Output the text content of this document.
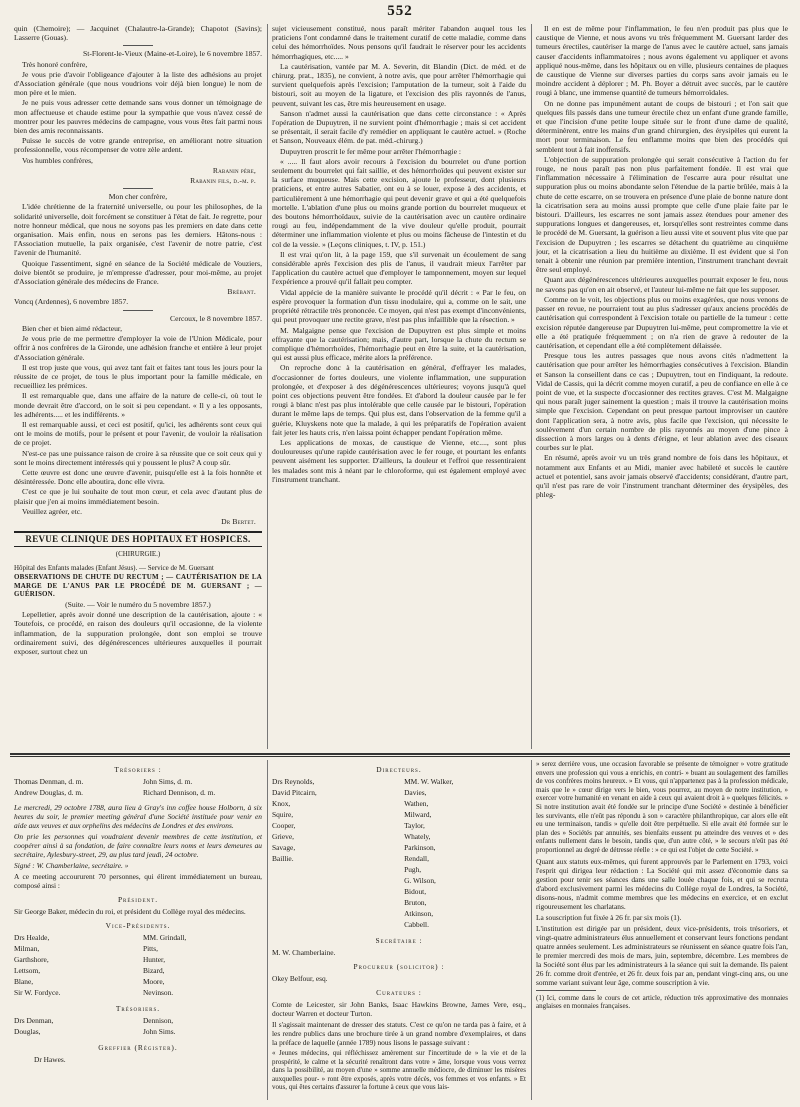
552

quin (Chemoire); — Jacquinet (Chalautre-la-Grande); Chapotot (Savins); Lasserre (Gouas).

St-Florent-le-Vieux (Maine-et-Loire), le 6 novembre 1857.

Très honoré confrère,

Je vous prie d'avoir l'obligeance d'ajouter à la liste des adhésions au projet d'Association générale (que nous voudrions voir déjà bien longue) le nom de mon père et le mien.

Je ne puis vous adresser cette demande sans vous donner un témoignage de mon affectueuse et chaude estime pour la sympathie que vous n'avez cessé de montrer pour les pauvres médecins de campagne, vous vous êtes fait parmi nous bien des amis reconnaissants.

Puisse le succès de votre grande entreprise, en améliorant notre situation professionnelle, vous récompenser de votre zèle ardent.

Vos humbles confrères,

Rabanin père,

Rabanin fils, d.-m. p.

Mon cher confrère,

L'idée chrétienne de la fraternité universelle, ou pour les philosophes, de la solidarité universelle, doit forcément se constituer à l'état de fait. Je regrette, pour notre honneur médical, que nous ne soyons pas les premiers en date dans cette organisation. Mais enfin, nous en serons pas les derniers. Hâtons-nous : l'Association mutuelle, la paix organisée, c'est l'avenir de notre patrie, c'est l'avenir de l'humanité.

Quoique l'assentiment, signé en séance de la Société médicale de Vouziers, doive bientôt se produire, je m'empresse d'adresser, pour moi-même, au projet d'Association générale des médecins de France.

Brébant.

Voncq (Ardennes), 6 novembre 1857.

Cercoux, le 8 novembre 1857.

Bien cher et bien aimé rédacteur,

Je vous prie de me permettre d'employer la voie de l'Union Médicale, pour offrir à nos confrères de la Gironde, une adhésion franche et entière à leur projet d'Association générale.

Il est trop juste que vous, qui avez tant fait et faites tant tous les jours pour la réussite de ce projet, de tous le plus important pour la famille médicale, en recueilliez les prémices.

Il est remarquable que, dans une affaire de la nature de celle-ci, où tout le monde devrait être d'accord, on le soit si peu cependant. « Il y a les opposants, les adhérents..... et les indifférents. »

Il est remarquable aussi, et ceci est positif, qu'ici, les adhérents sont ceux qui ont le moins de motifs, pour le présent et pour l'avenir, de vouloir la réalisation de ce projet.

N'est-ce pas une puissance raison de croire à sa réussite que ce soit ceux qui y sont le moins directement intéressés qui y poussent le plus? A coup sûr.

Cette œuvre est donc une œuvre d'avenir, puisqu'elle est à la fois honnête et désintéressée. Donc elle aboutira, donc elle vivra.

C'est ce que je lui souhaite de tout mon cœur, et cela avec d'autant plus de plaisir que j'en ai moins immédiatement besoin.

Veuillez agréer, etc.

Dr Bertet.

REVUE CLINIQUE DES HOPITAUX ET HOSPICES.
(CHIRURGIE.)

Hôpital des Enfants malades (Enfant Jésus). — Service de M. Guersant

OBSERVATIONS DE CHUTE DU RECTUM ; — CAUTÉRISATION DE LA MARGE DE L'ANUS PAR LE PROCÉDÉ DE M. GUERSANT ; — GUÉRISON.

(Suite. — Voir le numéro du 5 novembre 1857.)

Lepelletier, après avoir donné une description de la cautérisation, ajoute : « Toutefois, ce procédé, en raison des douleurs qu'il occasionne, de la violente inflammation, de la suppuration prolongée, dont son emploi se trouve ordinairement suivi, des dégénérescences ultérieures auxquelles il pourrait exposer, surtout chez un

sujet vicieusement constitué, nous paraît mériter l'abandon auquel tous les praticiens l'ont condamné dans le traitement curatif de cette maladie, comme dans celui des hémorrhoïdes. Nous pensons qu'il faudrait le réserver pour les accidents hémorrhagiques, etc..... »

La cautérisation, vantée par M. A. Severin, dit Blandin (Dict. de méd. et de chirurg. prat., 1835), ne convient, à notre avis, que pour arrêter l'hémorrhagie qui survient quelquefois après l'excision; l'amputation de la tumeur, soit à l'aide du bistouri, soit au moyen de la ligature, et l'excision des plis rayonnés de l'anus, peuvent, suivant les cas, être mis heureusement en usage.

Sanson n'admet aussi la cautérisation que dans cette circonstance : « Après l'opération de Dupuytren, il ne survient point d'hémorrhagie ; mais si cet accident se présentait, il serait facile d'y remédier en appliquant le cautère actuel. » (Roche et Sanson, Nouveaux élém. de pat. méd.-chirurg.)

Dupuytren proscrit le fer même pour arrêter l'hémorrhagie :

« ..... Il faut alors avoir recours à l'excision du bourrelet ou d'une portion seulement du bourrelet qui fait saillie, et des hémorrhoïdes qui peuvent exister sur la surface muqueuse. Mais cette excision, ajoute le professeur, dont plusieurs praticiens, et entre autres Sabatier, ont eu à se louer, expose à des accidents, et particulièrement à une hémorrhagie qui peut devenir grave et qui a été quelquefois mortelle. L'ablation d'une plus ou moins grande portion du bourrelet muqueux et des boutons hémorrhoïdaux, suivie de la cautérisation avec un cautère ordinaire rougi au feu, indépendamment de la vive douleur qu'elle produit, pourrait déterminer une inflammation violente et plus ou moins fâcheuse de l'intestin et du col de la vessie. » (Leçons cliniques, t. IV, p. 151.)

Il est vrai qu'on lit, à la page 159, que s'il survenait un écoulement de sang considérable après l'excision des plis de l'anus, il vaudrait mieux l'arrêter par l'application du cautère actuel que d'employer le tamponnement, moyen sur lequel l'expérience a prouvé qu'il fallait peu compter.

Vidal appécie de la manière suivante le procédé qu'il décrit : « Par le feu, on espère provoquer la formation d'un tissu inodulaire, qui a, comme on le sait, une propriété rétractile très prononcée. Ce moyen, qui n'est pas exempt d'inconvénients, qui peut provoquer une rectite grave, n'est pas plus infaillible que la résection. »

M. Malgaigne pense que l'excision de Dupuytren est plus simple et moins effrayante que la cautérisation; mais, d'autre part, lorsque la chute du rectum se complique d'hémorrhoïdes, l'hémorrhagie peut en être la suite, et la cautérisation, qui est aussi plus efficace, mérite alors la préférence.

On reproche donc à la cautérisation en général, d'effrayer les malades, d'occasionner de fortes douleurs, une violente inflammation, une suppuration prolongée, et d'exposer à des dégénérescences ultérieures; voyons jusqu'à quel point ces objections peuvent être fondées. Et d'abord la douleur causée par le fer rougi à blanc n'est pas plus intolérable que celle causée par le bistouri, l'opération durant le même laps de temps. Qui plus est, dans l'observation de la femme qu'il a guérie, Kluyskens note que la malade, à qui les préparatifs de l'opération avaient fait jeter les hauts cris, n'en laissa point échapper pendant l'opération même.

Les applications de moxas, de caustique de Vienne, etc...., sont plus douloureuses qu'une rapide cautérisation avec le fer rouge, et pourtant les enfants peuvent aisément les supporter. D'ailleurs, la douleur et l'effroi que ressentiraient les malades sont mis à néant par le chloroforme, qui est également employé avec l'instrument tranchant.

Il en est de même pour l'inflammation, le feu n'en produit pas plus que le caustique de Vienne, et nous avons vu très fréquemment M. Guersant larder des tumeurs érectiles, cautériser la marge de l'anus avec le cautère actuel, sans jamais causer d'accidents inflammatoires ; nous avons également vu appliquer et avons appliqué nous-même, dans les hôpitaux ou en ville, plusieurs centaines de plaques de caustique de Vienne sur diverses parties du corps sans avoir jamais eu le moindre accident à déplorer ; M. Ph. Boyer a détruit avec succès, par le cautère rougi à blanc, une immense quantité de tumeurs hémorroïdales.

On ne donne pas impunément autant de coups de bistouri ; et l'on sait que quelques fils passés dans une tumeur érectile chez un enfant d'une grande famille, et que l'incision d'une petite loupe située sur le front d'une dame de qualité, déterminèrent, entre les mains d'un grand chirurgien, des érysipèles qui eurent la mort pour terminaison. Le feu enflamme moins que bien des procédés qui semblent tout à fait inoffensifs.

L'objection de suppuration prolongée qui serait consécutive à l'action du fer rouge, ne nous paraît pas non plus parfaitement fondée. Il est vrai que l'inflammation nécessaire à l'élimination de l'escarre aura pour résultat une suppuration plus ou moins abondante selon l'étendue de la partie brûlée, mais à la chute de cette escarre, on se trouvera en présence d'une plaie de bonne nature dont la cicatrisation sera au moins aussi prompte que celle d'une plaie faite par le bistouri. D'ailleurs, les escarres ne sont jamais assez étendues pour amener des suppurations longues et dangereuses, et, lorsqu'elles sont restreintes comme dans le procédé de M. Guersant, la guérison a lieu aussi vite et souvent plus vite que par l'excision de Dupuytren ; les escarres se détachent du quatrième au cinquième jour, et la cicatrisation a lieu du huitième au dixième. Il est évident que si l'on tenait à obtenir une réunion par première intention, l'instrument tranchant devrait être seul employé.

Quant aux dégénérescences ultérieures auxquelles pourrait exposer le feu, nous ne savons pas qu'on en ait observé, et l'auteur lui-même ne fait que les supposer.

Comme on le voit, les objections plus ou moins exagérées, que nous venons de passer en revue, ne pourraient tout au plus s'adresser qu'aux anciens procédés de cautérisation qui correspondent à l'excision totale ou partielle de la tumeur : cette excision réputée dangereuse par Dupuytren lui-même, peut compromettre la vie et elle a été pratiquée fréquemment ; on n'a rien de grave à redouter de la cautérisation, et cependant elle a été complètement délaissée.

Presque tous les autres passages que nous avons cités n'admettent la cautérisation que pour arrêter les hémorrhagies consécutives à l'excision. Blandin et Sanson la conseillent dans ce cas ; Dupuytren, tout en l'indiquant, la redoute. Vidal de Cassis, qui la décrit comme moyen curatif, a peu de confiance en elle à ce point de vue, et la suspecte d'occasionner des rectites graves. C'est M. Malgaigne qui nous paraît juger sainement la question ; mais il trouve la cautérisation moins simple que l'excision. Cependant on peut presque partout improviser un cautère dont l'application sera, à notre avis, plus facile que l'excision, qui nécessite le soulèvement d'un certain nombre de plis rayonnés au moyen d'une pince à dissection à mors larges ou à dents d'érigne, et leur ablation avec des ciseaux courbes sur le plat.

En résumé, après avoir vu un très grand nombre de fois dans les hôpitaux, et notamment aux Enfants et au Midi, manier avec habileté et succès le cautère actuel et potentiel, sans avoir jamais observé d'accidents; considérant, d'autre part, qu'il n'est pas rare de voir l'instrument tranchant déterminer des érysipèles, des phleg-

Trésoriers :

Thomas Denman, d. m.

Andrew Douglas, d. m.

John Sims, d. m.

Richard Dennison, d. m.

Le mercredi, 29 octobre 1788, aura lieu à Gray's inn coffee house Holborn, à six heures du soir, le premier meeting général d'une Société instituée pour venir en aide aux veuves et aux orphelins des médecins de Londres et des environs.

On prie les personnes qui voudraient devenir membres de cette institution, et coopérer ainsi à sa fondation, de faire connaître leurs noms et leurs demeures au secrétaire, Aylesbury-street, 29, au plus tard jeudi, 24 octobre.

Signé : W. Chamberlaine, secrétaire. »

A ce meeting accoururent 70 personnes, qui élirent immédiatement un bureau, composé ainsi :

Président.

Sir George Baker, médecin du roi, et président du Collège royal des médecins.

Vice-Présidents.

Drs Healde,

Milman,

Garthshore,

Lettsom,

Blane,

Sir W. Fordyce.

MM. Grindall,

Pitts,

Hunter,

Bizard,

Moore,

Nevinson.

Trésoriers.

Drs Denman,

Douglas,

Dennison,

John Sims.

Greffier (Régister).

Dr Hawes.

Directeurs.

Drs Reynolds,

David Pitcairn,

Knox,

Squire,

Cooper,

Grieve,

Savage,

Baillie.

MM. W. Walker,

Davies,

Wathen,

Milward,

Taylor,

Whately,

Parkinson,

Rendall,

Pugh,

G. Wilson,

Bidout,

Bruton,

Atkinson,

Cabbell.

Secrétaire :

M. W. Chamberlaine.

Procureur (solicitor) :

Okey Belfour, esq.

Curateurs :

Comte de Leicester, sir John Banks, Isaac Hawkins Browne, James Vere, esq., docteur Warren et docteur Turton.

Il s'agissait maintenant de dresser des statuts. C'est ce qu'on ne tarda pas à faire, et à les rendre publics dans une brochure tirée à un grand nombre d'exemplaires, et dans la préface de laquelle (année 1789) nous lisons le passage suivant :

« Jeunes médecins, qui réfléchissez amèrement sur l'incertitude de » la vie et de la prospérité, le calme et la sécurité renaîtront dans votre » âme, lorsque vous vous verrez dans la possibilité, au moyen d'une » somme annuelle médiocre, de diminuer les misères auxquelles pour- » ront être exposés, après votre décès, vos femmes et vos enfants. » Et vous, qui êtes certains d'assurer la fortune à ceux que vous lais-

» serez derrière vous, une occasion favorable se présente de témoigner » votre gratitude envers une profession qui vous a enrichis, en contri- » buant au soulagement des familles de vos confrères moins heureux. » Et vous, qui n'appartenez pas à la profession médicale, mais que le » cœur dirige vers le bien, vous pourrez, au moyen de notre institution, » exercer votre humanité en venant en aide à ceux qui avaient droit à » quelques félicités. » Si notre institution avait été fondée sur le principe d'une Société » destinée à bénéficier les survivants, elle n'eût pas répondu à son » caractère philanthropique, car alors elle eût eu une terminaison, tandis » qu'elle doit être perpétuelle. Si elle avait été formée sur le plan des » Sociétés par annuités, ses bienfaits eussent pu atteindre des veuves et » des enfants nullement dans le besoin, tandis que, d'un autre côté, » le secours n'eût pas été proportionnel au degré de détresse réelle : » ce qui est l'objet de cette Société. »

Quant aux statuts eux-mêmes, qui furent approuvés par le Parlement en 1793, voici l'esprit qui dirigea leur rédaction : La Société qui mit assez d'économie dans sa gestion pour tenir ses séances dans une salle louée chaque fois, et qui se recruta d'abord exclusivement parmi les médecins du Collège royal de Londres, la Société, disons-nous, n'admit comme membres que les médecins en exercice, et en exclut rigoureusement les charlatans.

La souscription fut fixée à 26 fr. par six mois (1).

L'institution est dirigée par un président, deux vice-présidents, trois trésoriers, et vingt-quatre administrateurs élus annuellement et conservant leurs fonctions pendant quatre années seulement. Les administrateurs se réunissent en séance quatre fois l'an, le premier mercredi des mois de mars, juin, septembre, décembre. Les membres de la Société sont élus par les administrateurs à la séance qui suit la demande. Ils paient 26 fr. comme droit d'entrée, et 26 fr. deux fois par an, pendant vingt-cinq ans, ou une somme variant suivant leur âge, comme souscription à vie.

(1) Ici, comme dans le cours de cet article, réduction très approximative des monnaies anglaises en monnaies françaises.
